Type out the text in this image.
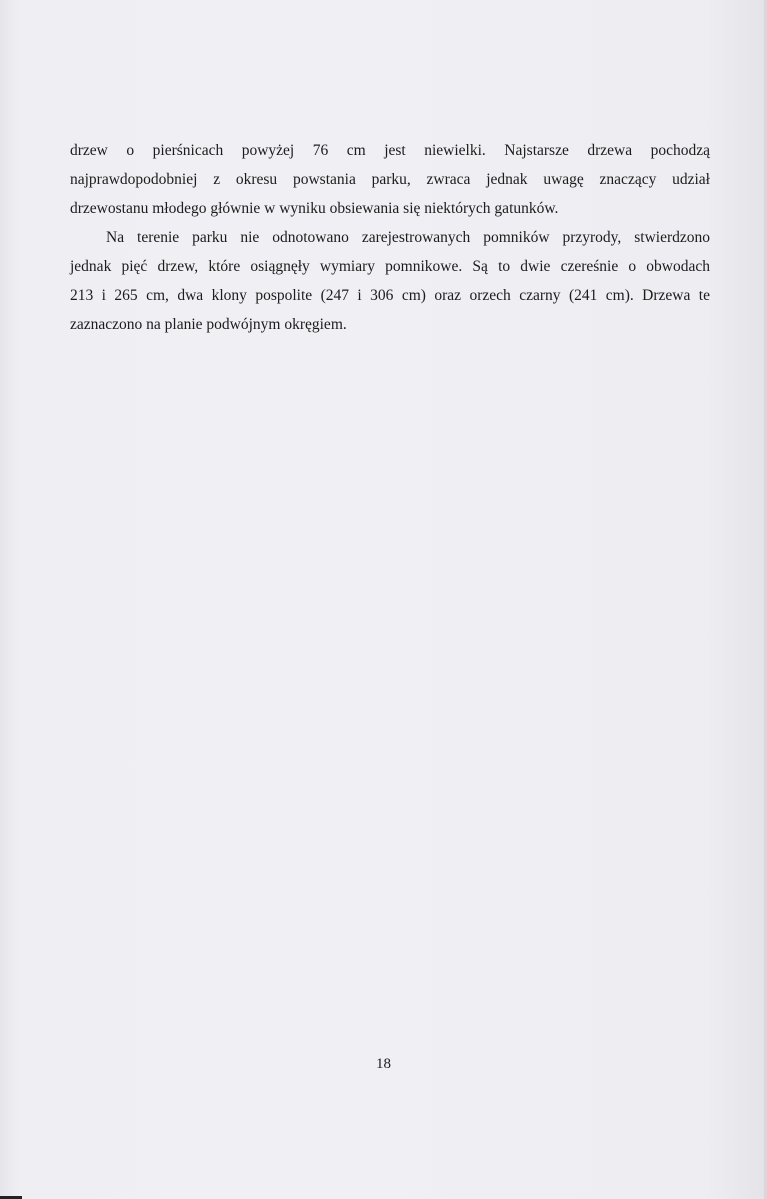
drzew o pierśnicach powyżej 76 cm jest niewielki. Najstarsze drzewa pochodzą
najprawdopodobniej z okresu powstania parku, zwraca jednak uwagę znaczący udział
drzewostanu młodego głównie w wyniku obsiewania się niektórych gatunków.

Na terenie parku nie odnotowano zarejestrowanych pomników przyrody, stwierdzono
jednak pięć drzew, które osiągnęły wymiary pomnikowe. Są to dwie czereśnie o obwodach
213 i 265 cm, dwa klony pospolite (247 i 306 cm) oraz orzech czarny (241 cm). Drzewa te
zaznaczono na planie podwójnym okręgiem.

18
